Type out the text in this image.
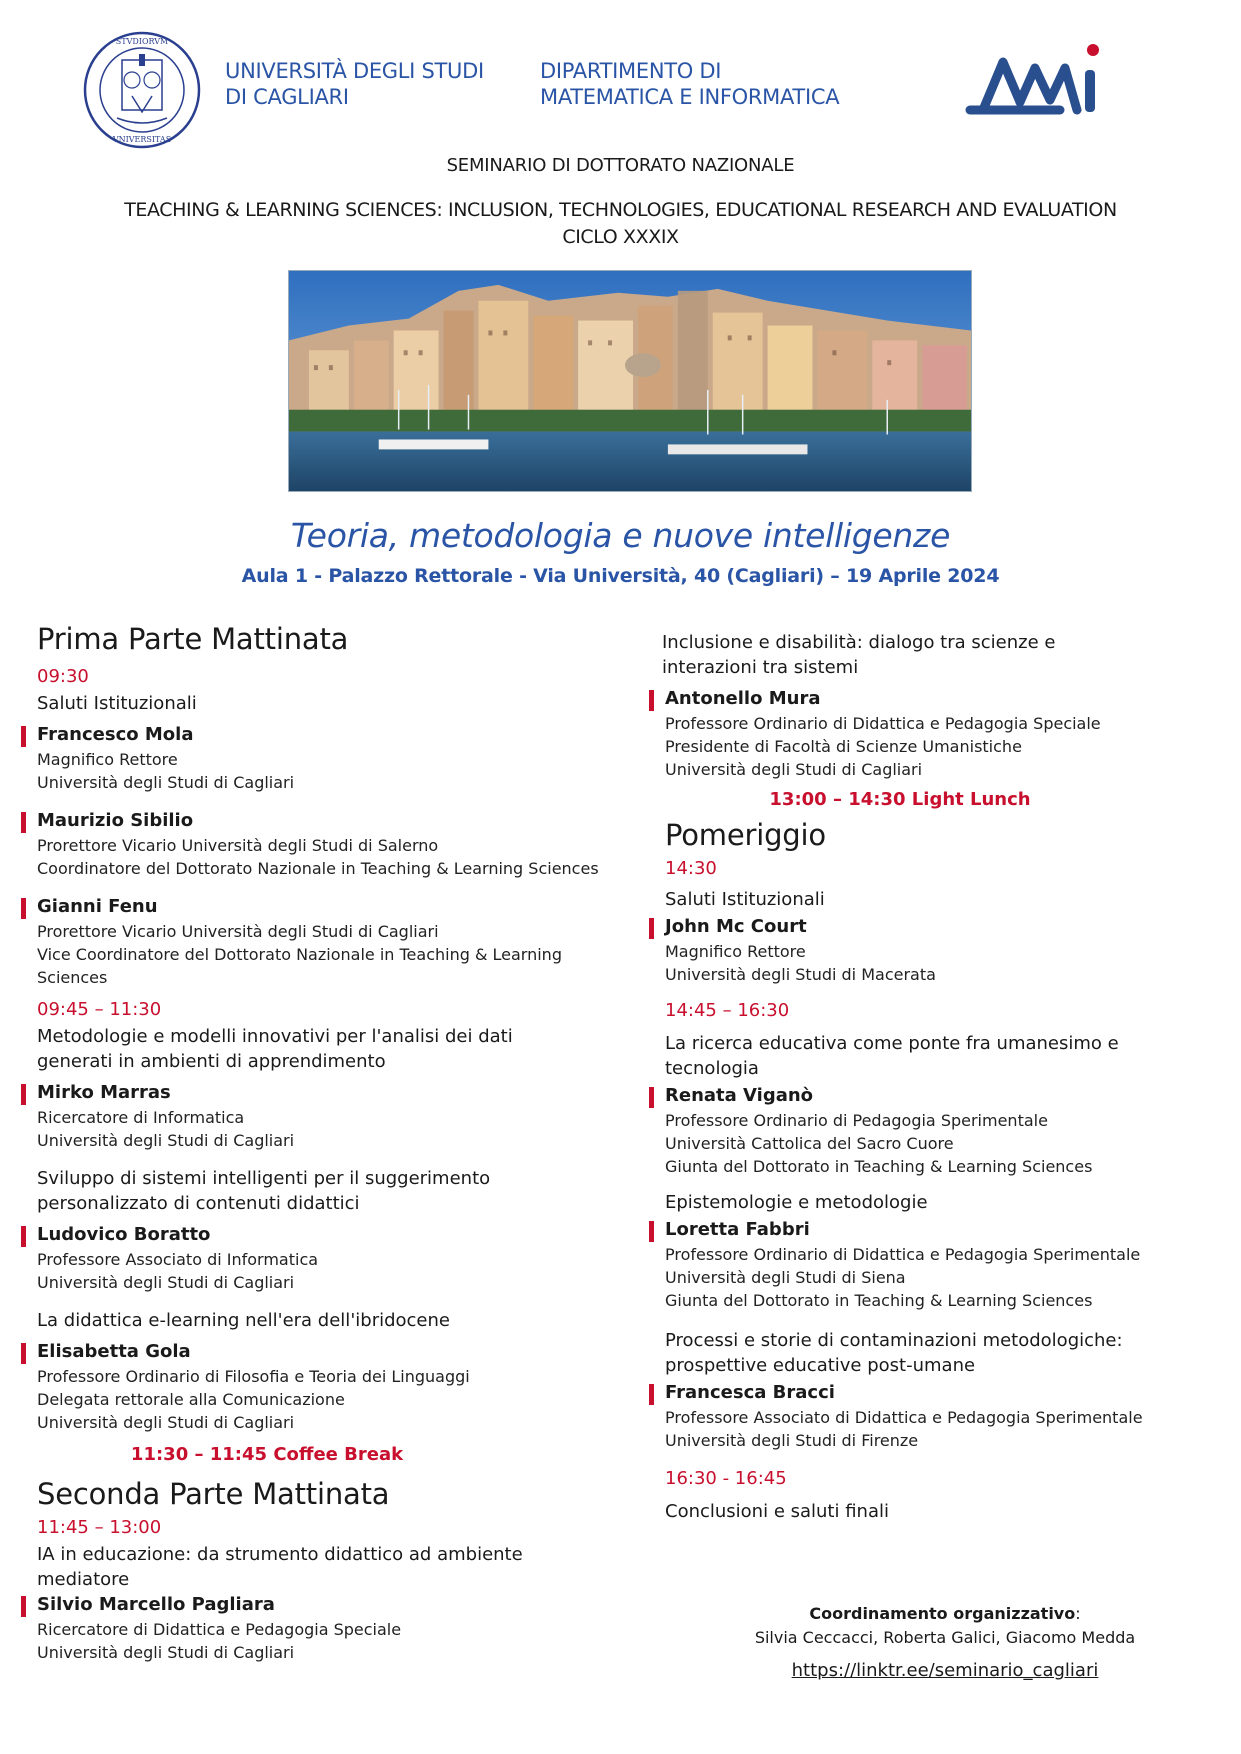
STVDIORVM
VNIVERSITAS
UNIVERSITÀ DEGLI STUDI
DI CAGLIARI
DIPARTIMENTO DI
MATEMATICA E INFORMATICA
SEMINARIO DI DOTTORATO NAZIONALE
TEACHING & LEARNING SCIENCES: INCLUSION, TECHNOLOGIES, EDUCATIONAL RESEARCH AND EVALUATION
CICLO XXXIX
Teoria, metodologia e nuove intelligenze
Aula 1 - Palazzo Rettorale - Via Università, 40 (Cagliari) – 19 Aprile 2024
Prima Parte Mattinata
09:30
Saluti Istituzionali
Francesco Mola
Magnifico Rettore
Università degli Studi di Cagliari
Maurizio Sibilio
Prorettore Vicario Università degli Studi di Salerno
Coordinatore del Dottorato Nazionale in Teaching & Learning Sciences
Gianni Fenu
Prorettore Vicario Università degli Studi di Cagliari
Vice Coordinatore del Dottorato Nazionale in Teaching & Learning Sciences
09:45 – 11:30
Metodologie e modelli innovativi per l'analisi dei dati generati in ambienti di apprendimento
Mirko Marras
Ricercatore di Informatica
Università degli Studi di Cagliari
Sviluppo di sistemi intelligenti per il suggerimento personalizzato di contenuti didattici
Ludovico Boratto
Professore Associato di Informatica
Università degli Studi di Cagliari
La didattica e-learning nell'era dell'ibridocene
Elisabetta Gola
Professore Ordinario di Filosofia e Teoria dei Linguaggi
Delegata rettorale alla Comunicazione
Università degli Studi di Cagliari
11:30 – 11:45 Coffee Break
Seconda Parte Mattinata
11:45 – 13:00
IA in educazione: da strumento didattico ad ambiente mediatore
Silvio Marcello Pagliara
Ricercatore di Didattica e Pedagogia Speciale
Università degli Studi di Cagliari
Inclusione e disabilità: dialogo tra scienze e interazioni tra sistemi
Antonello Mura
Professore Ordinario di Didattica e Pedagogia Speciale
Presidente di Facoltà di Scienze Umanistiche
Università degli Studi di Cagliari
13:00 – 14:30 Light Lunch
Pomeriggio
14:30
Saluti Istituzionali
John Mc Court
Magnifico Rettore
Università degli Studi di Macerata
14:45 – 16:30
La ricerca educativa come ponte fra umanesimo e tecnologia
Renata Viganò
Professore Ordinario di Pedagogia Sperimentale
Università Cattolica del Sacro Cuore
Giunta del Dottorato in Teaching & Learning Sciences
Epistemologie e metodologie
Loretta Fabbri
Professore Ordinario di Didattica e Pedagogia Sperimentale
Università degli Studi di Siena
Giunta del Dottorato in Teaching & Learning Sciences
Processi e storie di contaminazioni metodologiche: prospettive educative post-umane
Francesca Bracci
Professore Associato di Didattica e Pedagogia Sperimentale
Università degli Studi di Firenze
16:30 - 16:45
Conclusioni e saluti finali
Coordinamento organizzativo:
Silvia Ceccacci, Roberta Galici, Giacomo Medda
https://linktr.ee/seminario_cagliari
